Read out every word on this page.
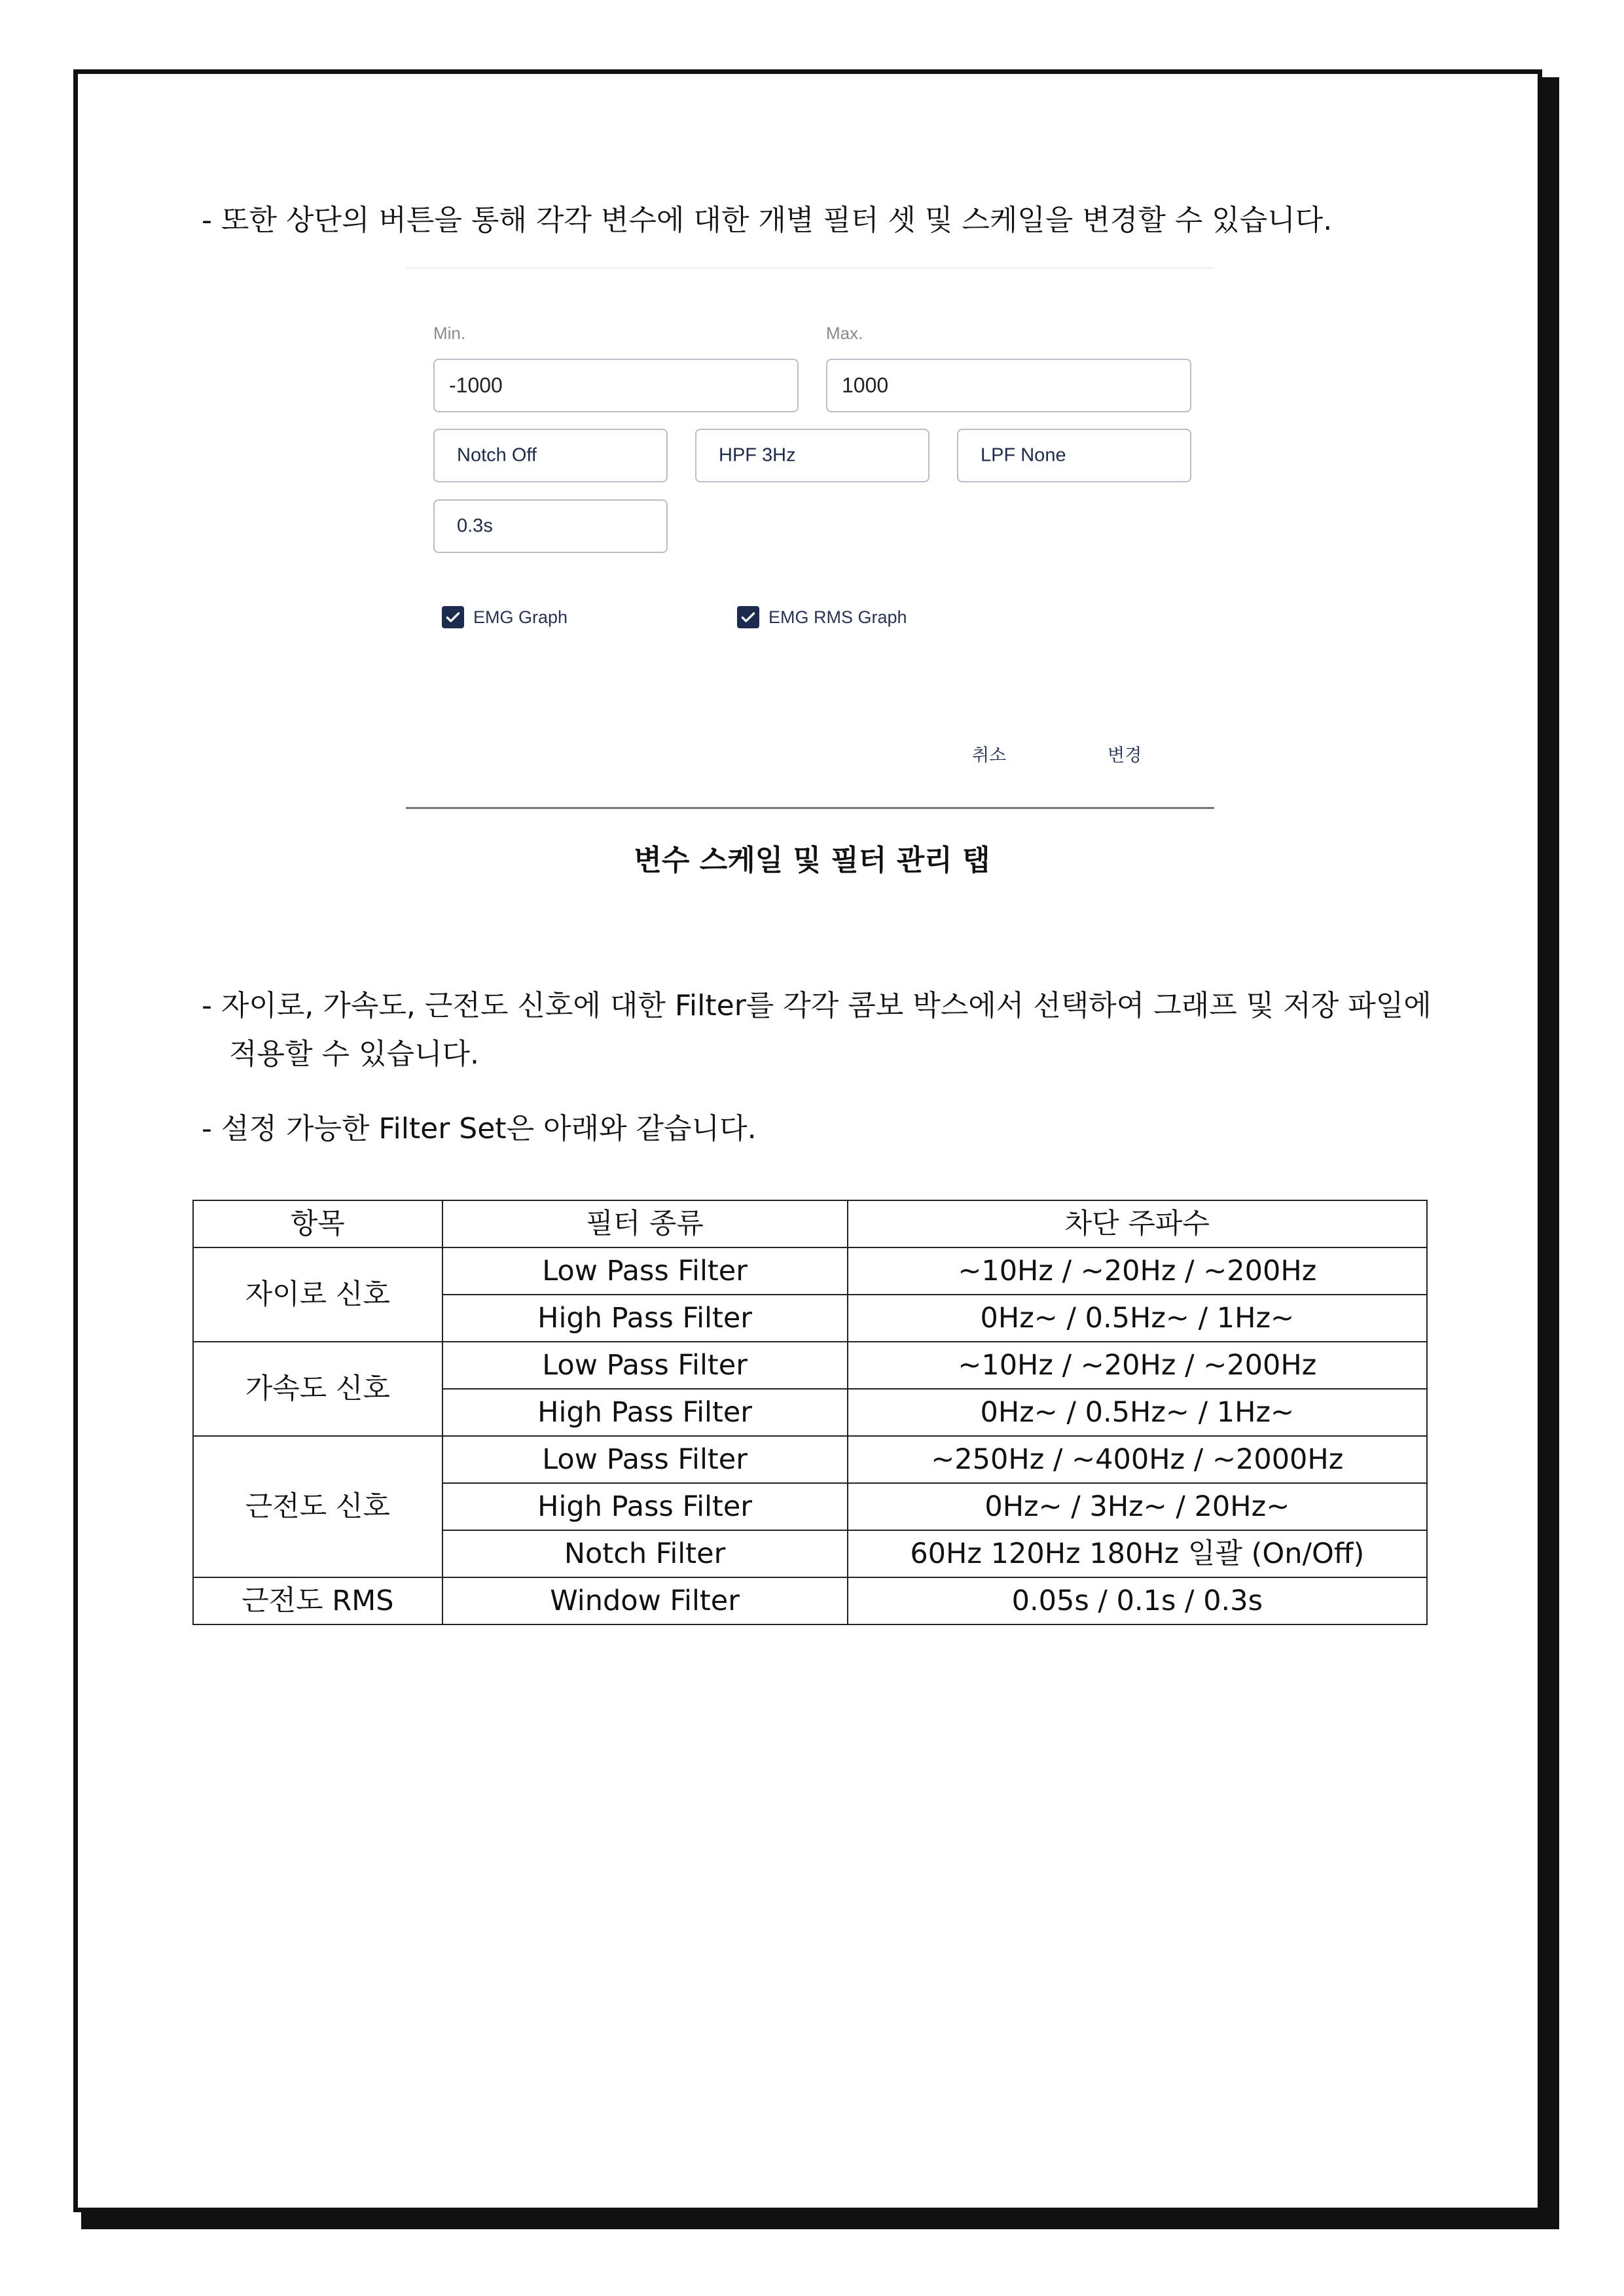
- 또한 상단의 버튼을 통해 각각 변수에 대한 개별 필터 셋 및 스케일을 변경할 수 있습니다.
Min.
-1000
Max.
1000
Notch Off	HPF 3Hz	LPF None
0.3s
EMG Graph	EMG RMS Graph
취소	변경
변수 스케일 및 필터 관리 탭
- 자이로, 가속도, 근전도 신호에 대한 Filter를 각각 콤보 박스에서 선택하여 그래프 및 저장 파일에
적용할 수 있습니다.
- 설정 가능한 Filter Set은 아래와 같습니다.
항목	필터 종류	차단 주파수
자이로 신호	Low Pass Filter	~10Hz / ~20Hz / ~200Hz
	High Pass Filter	0Hz~ / 0.5Hz~ / 1Hz~
가속도 신호	Low Pass Filter	~10Hz / ~20Hz / ~200Hz
	High Pass Filter	0Hz~ / 0.5Hz~ / 1Hz~
근전도 신호	Low Pass Filter	~250Hz / ~400Hz / ~2000Hz
	High Pass Filter	0Hz~ / 3Hz~ / 20Hz~
	Notch Filter	60Hz 120Hz 180Hz 일괄 (On/Off)
근전도 RMS	Window Filter	0.05s / 0.1s / 0.3s
